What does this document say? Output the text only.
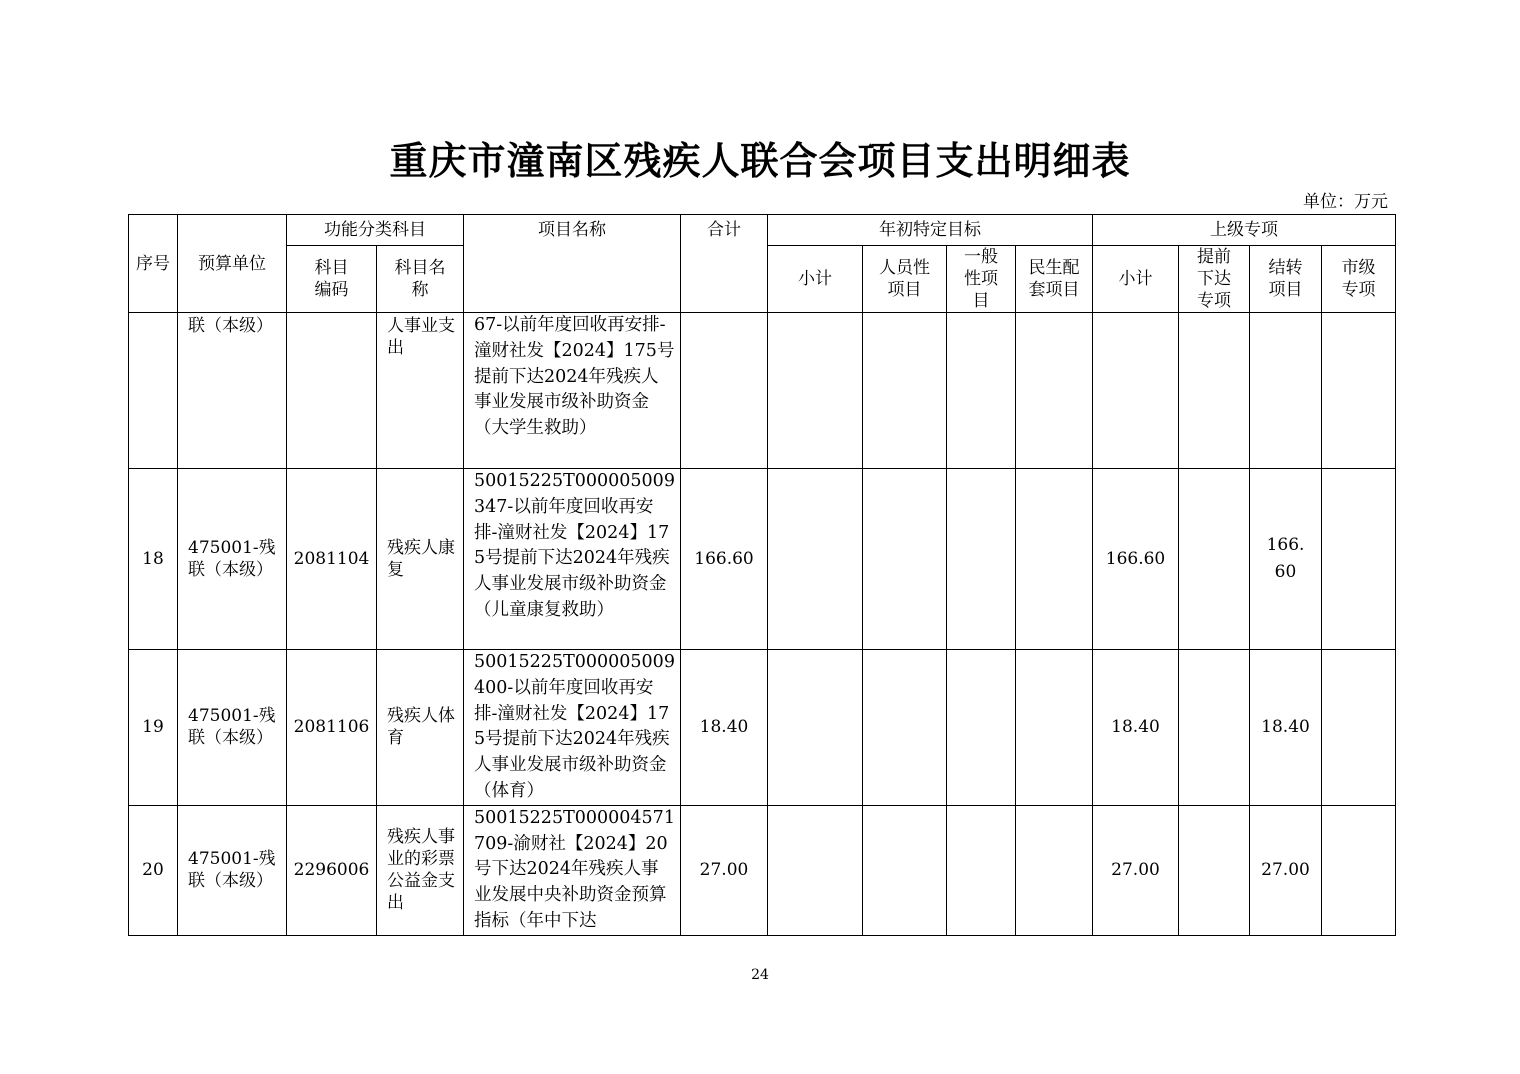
重庆市潼南区残疾人联合会项目支出明细表
单位：万元
序号	预算单位	功能分类科目		项目名称	合计	年初特定目标				上级专项			
		科目编码	科目名称			小计	人员性项目	一般性项目	民生配套项目	小计	提前下达专项	结转项目	市级专项
	联（本级）		人事业支出	67-以前年度回收再安排-潼财社发【2024】175号提前下达2024年残疾人事业发展市级补助资金（大学生救助）									
18	475001-残联（本级）	2081104	残疾人康复	50015225T000005009347-以前年度回收再安排-潼财社发【2024】175号提前下达2024年残疾人事业发展市级补助资金（儿童康复救助）	166.60					166.60		166.60	
19	475001-残联（本级）	2081106	残疾人体育	50015225T000005009400-以前年度回收再安排-潼财社发【2024】175号提前下达2024年残疾人事业发展市级补助资金（体育）	18.40					18.40		18.40	
20	475001-残联（本级）	2296006	残疾人事业的彩票公益金支出	50015225T000004571709-渝财社【2024】20号下达2024年残疾人事业发展中央补助资金预算指标（年中下达	27.00					27.00		27.00	
24
